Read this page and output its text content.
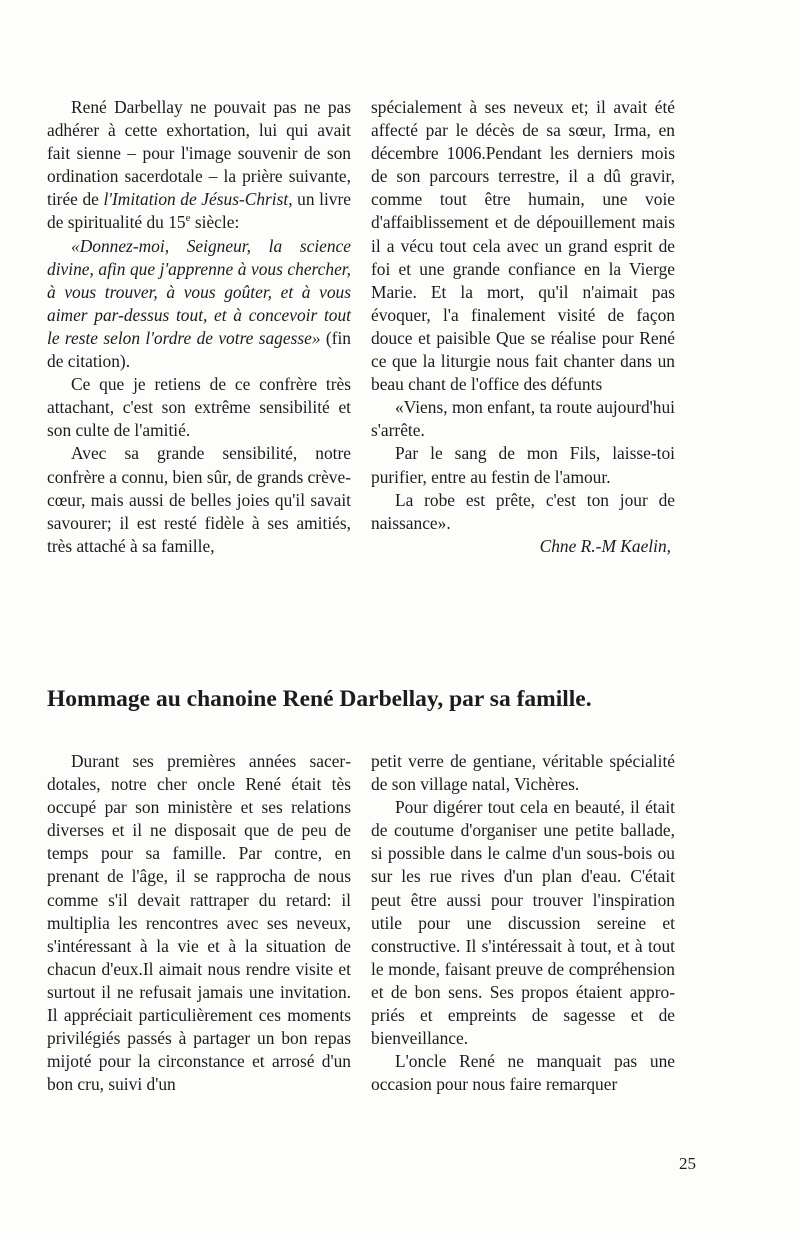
René Darbellay ne pouvait pas ne pas adhérer à cette exhortation, lui qui avait fait sienne – pour l'image souvenir de son ordination sacerdotale – la prière suivante, tirée de l'Imitation de Jésus-Christ, un livre de spiritualité du 15e siècle:

«Donnez-moi, Seigneur, la science divine, afin que j'apprenne à vous chercher, à vous trouver, à vous goûter, et à vous aimer par-dessus tout, et à concevoir tout le reste selon l'ordre de votre sagesse» (fin de citation).

Ce que je retiens de ce confrère très attachant, c'est son extrême sensibilité et son culte de l'amitié.

Avec sa grande sensibilité, notre confrère a connu, bien sûr, de grands crève-cœur, mais aussi de belles joies qu'il savait savourer; il est resté fidèle à ses amitiés, très attaché à sa famille,

spécialement à ses neveux et; il avait été affecté par le décès de sa sœur, Irma, en décembre 1006.Pendant les derniers mois de son parcours terrestre, il a dû gravir, comme tout être humain, une voie d'affaiblissement et de dépouillement mais il a vécu tout cela avec un grand esprit de foi et une grande confiance en la Vierge Marie. Et la mort, qu'il n'aimait pas évoquer, l'a finalement visité de façon douce et paisible Que se réalise pour René ce que la liturgie nous fait chanter dans un beau chant de l'office des défunts

«Viens, mon enfant, ta route aujourd'hui s'arrête.

Par le sang de mon Fils, laisse-toi purifier, entre au festin de l'amour.

La robe est prête, c'est ton jour de naissance».

Chne R.-M Kaelin,

Hommage au chanoine René Darbellay, par sa famille.

Durant ses premières années sacerdotales, notre cher oncle René était tès occupé par son ministère et ses relations diverses et il ne disposait que de peu de temps pour sa famille. Par contre, en prenant de l'âge, il se rapprocha de nous comme s'il devait rattraper du retard: il multiplia les rencontres avec ses neveux, s'intéressant à la vie et à la situation de chacun d'eux.Il aimait nous rendre visite et surtout il ne refusait jamais une invitation. Il appréciait particulièrement ces moments privilégiés passés à partager un bon repas mijoté pour la circonstance et arrosé d'un bon cru, suivi d'un

petit verre de gentiane, véritable spécialité de son village natal, Vichères.

Pour digérer tout cela en beauté, il était de coutume d'organiser une petite ballade, si possible dans le calme d'un sous-bois ou sur les rue rives d'un plan d'eau. C'était peut être aussi pour trouver l'inspiration utile pour une discussion sereine et constructive. Il s'intéressait à tout, et à tout le monde, faisant preuve de compréhension et de bon sens. Ses propos étaient appropriés et empreints de sagesse et de bienveillance.

L'oncle René ne manquait pas une occasion pour nous faire remarquer

25
